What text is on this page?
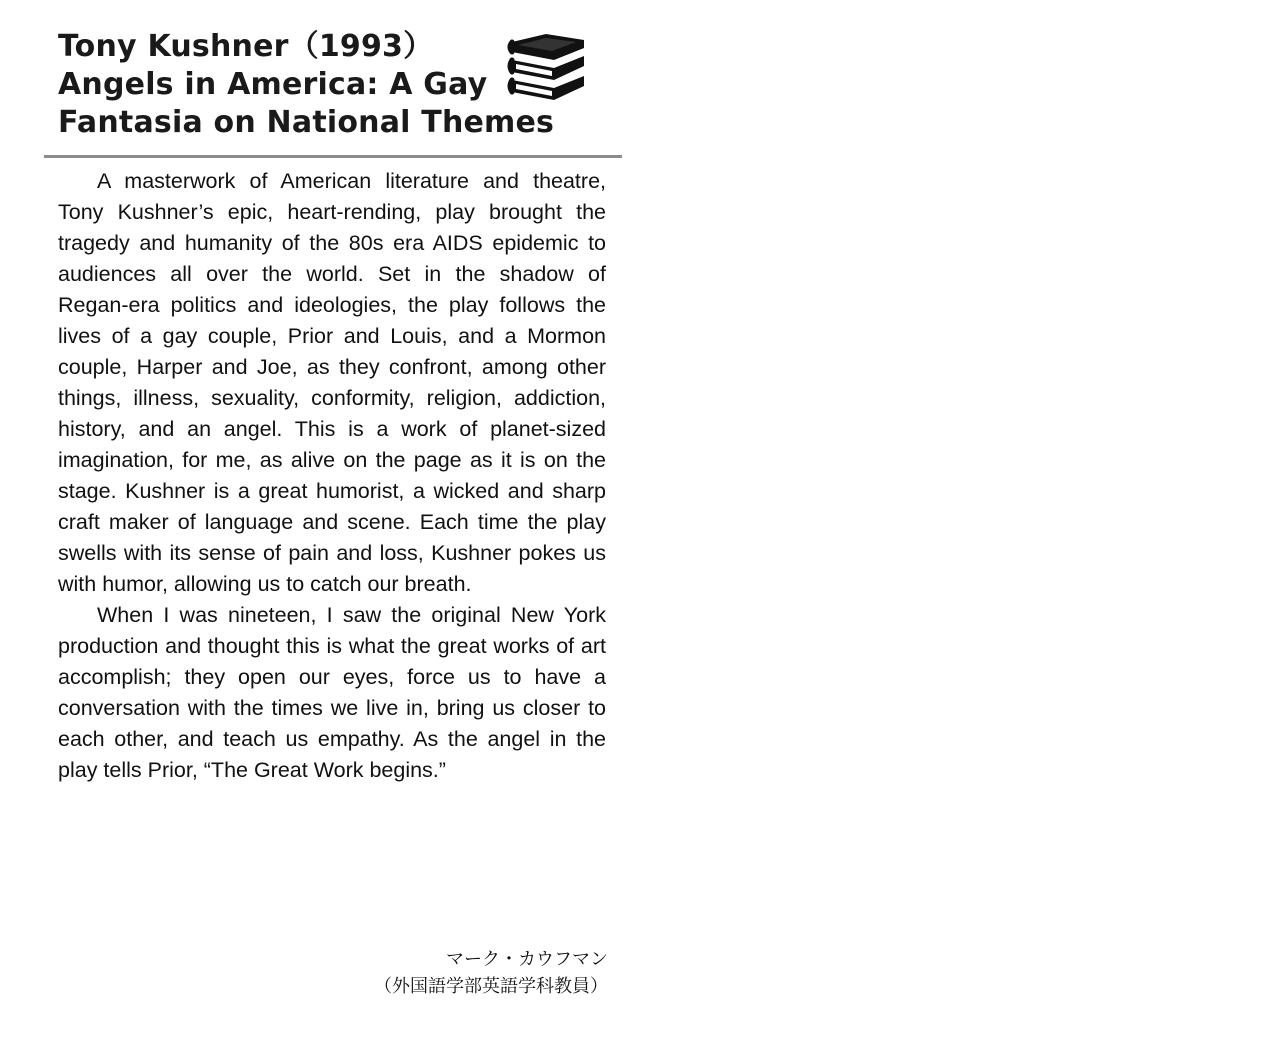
Tony Kushner（1993）
Angels in America: A Gay
Fantasia on National Themes

A masterwork of American literature and theatre, Tony Kushner’s epic, heart-rending, play brought the tragedy and humanity of the 80s era AIDS epidemic to audiences all over the world. Set in the shadow of Regan-era politics and ideologies, the play follows the lives of a gay couple, Prior and Louis, and a Mormon couple, Harper and Joe, as they confront, among other things, illness, sexuality, conformity, religion, addiction, history, and an angel. This is a work of planet-sized imagination, for me, as alive on the page as it is on the stage. Kushner is a great humorist, a wicked and sharp craft maker of language and scene. Each time the play swells with its sense of pain and loss, Kushner pokes us with humor, allowing us to catch our breath.

When I was nineteen, I saw the original New York production and thought this is what the great works of art accomplish; they open our eyes, force us to have a conversation with the times we live in, bring us closer to each other, and teach us empathy. As the angel in the play tells Prior, “The Great Work begins.”

マーク・カウフマン
（外国語学部英語学科教員）
